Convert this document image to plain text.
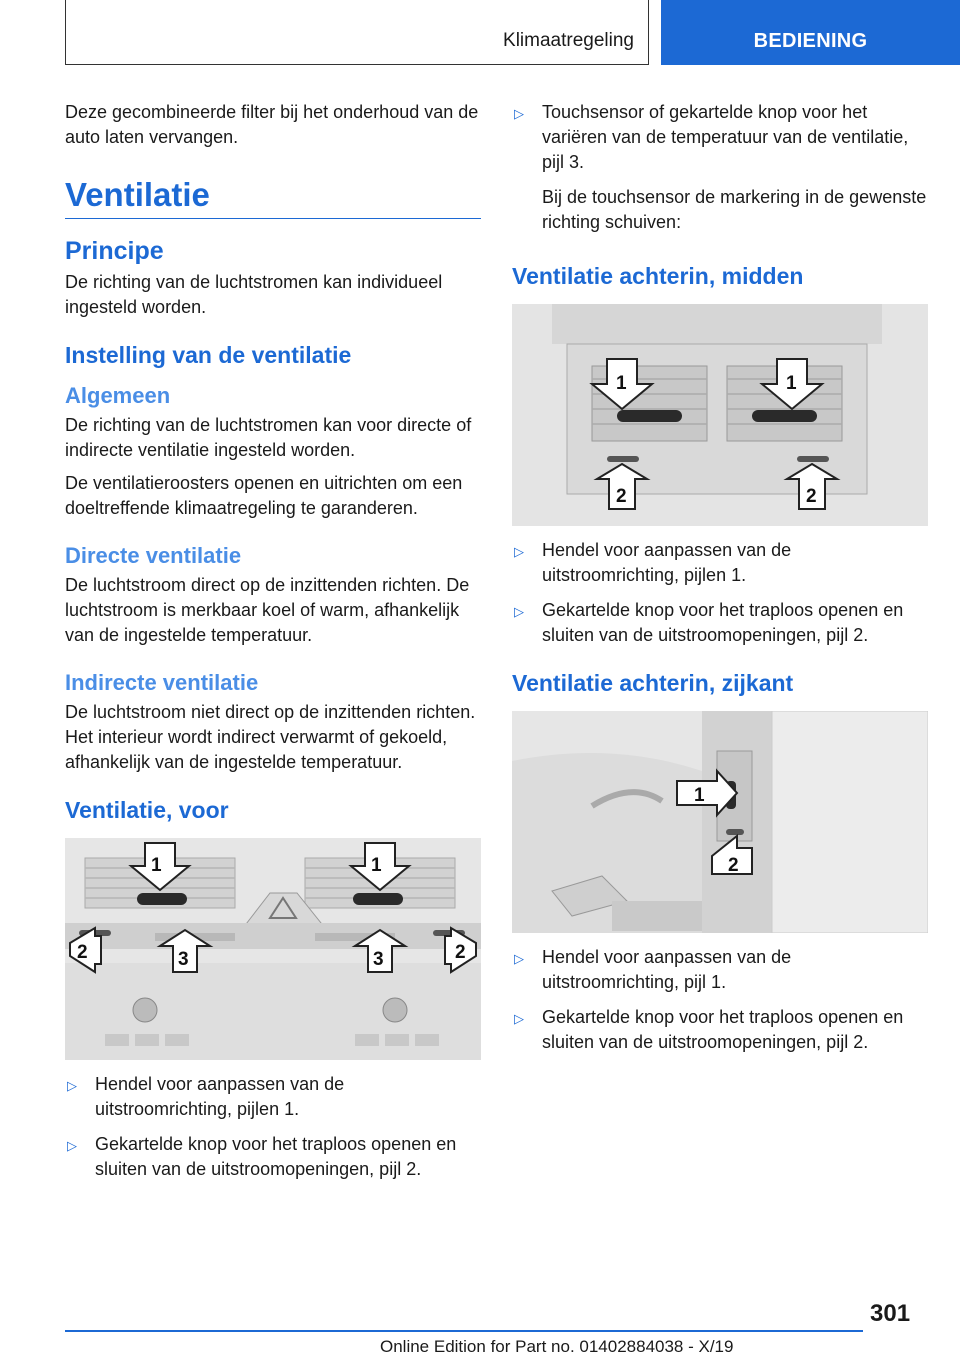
Klimaatregeling	BEDIENING

Deze gecombineerde filter bij het onderhoud van de auto laten vervangen.

Ventilatie
Principe

De richting van de luchtstromen kan individueel ingesteld worden.

Instelling van de ventilatie
Algemeen

De richting van de luchtstromen kan voor directe of indirecte ventilatie ingesteld worden.

De ventilatieroosters openen en uitrichten om een doeltreffende klimaatregeling te garanderen.

Directe ventilatie

De luchtstroom direct op de inzittenden richten. De luchtstroom is merkbaar koel of warm, afhankelijk van de ingestelde temperatuur.

Indirecte ventilatie

De luchtstroom niet direct op de inzittenden richten. Het interieur wordt indirect verwarmt of gekoeld, afhankelijk van de ingestelde temperatuur.

Ventilatie, voor
1	1
2	3	3	2
▷ Hendel voor aanpassen van de uitstroomrichting, pijlen 1.
▷ Gekartelde knop voor het traploos openen en sluiten van de uitstroomopeningen, pijl 2.
▷ Touchsensor of gekartelde knop voor het variëren van de temperatuur van de ventilatie, pijl 3.

Bij de touchsensor de markering in de gewenste richting schuiven:

Ventilatie achterin, midden
1	1
2	2
▷ Hendel voor aanpassen van de uitstroomrichting, pijlen 1.
▷ Gekartelde knop voor het traploos openen en sluiten van de uitstroomopeningen, pijl 2.
Ventilatie achterin, zijkant
1
2
▷ Hendel voor aanpassen van de uitstroomrichting, pijl 1.
▷ Gekartelde knop voor het traploos openen en sluiten van de uitstroomopeningen, pijl 2.
301
Online Edition for Part no. 01402884038 - X/19
